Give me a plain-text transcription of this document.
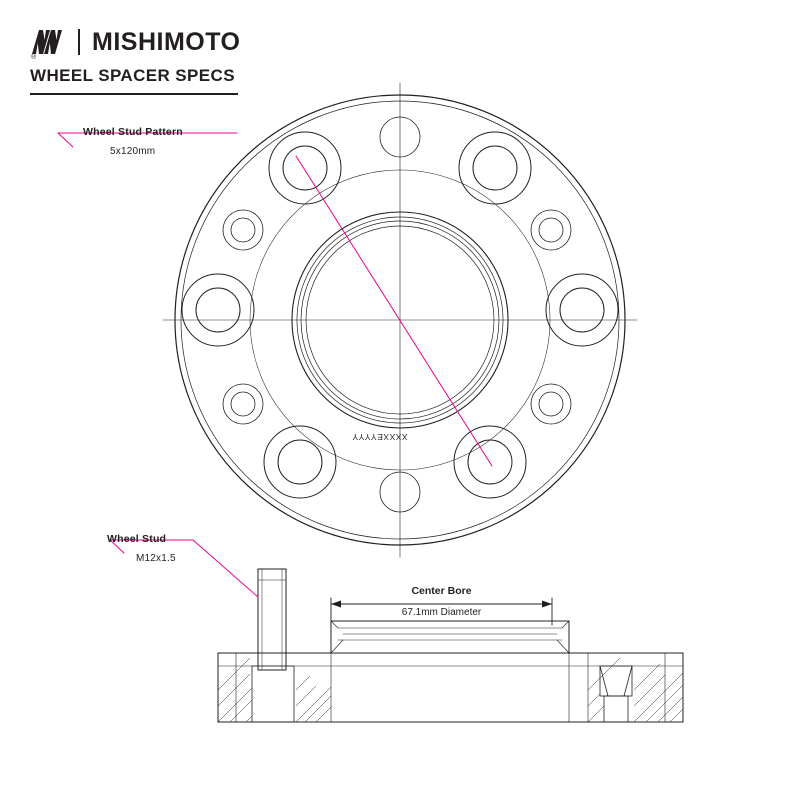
®
MISHIMOTO
WHEEL SPACER SPECS
Wheel Stud Pattern
5x120mm
Wheel Stud
M12x1.5
Center Bore
67.1mm Diameter
XXXXEYYYY
